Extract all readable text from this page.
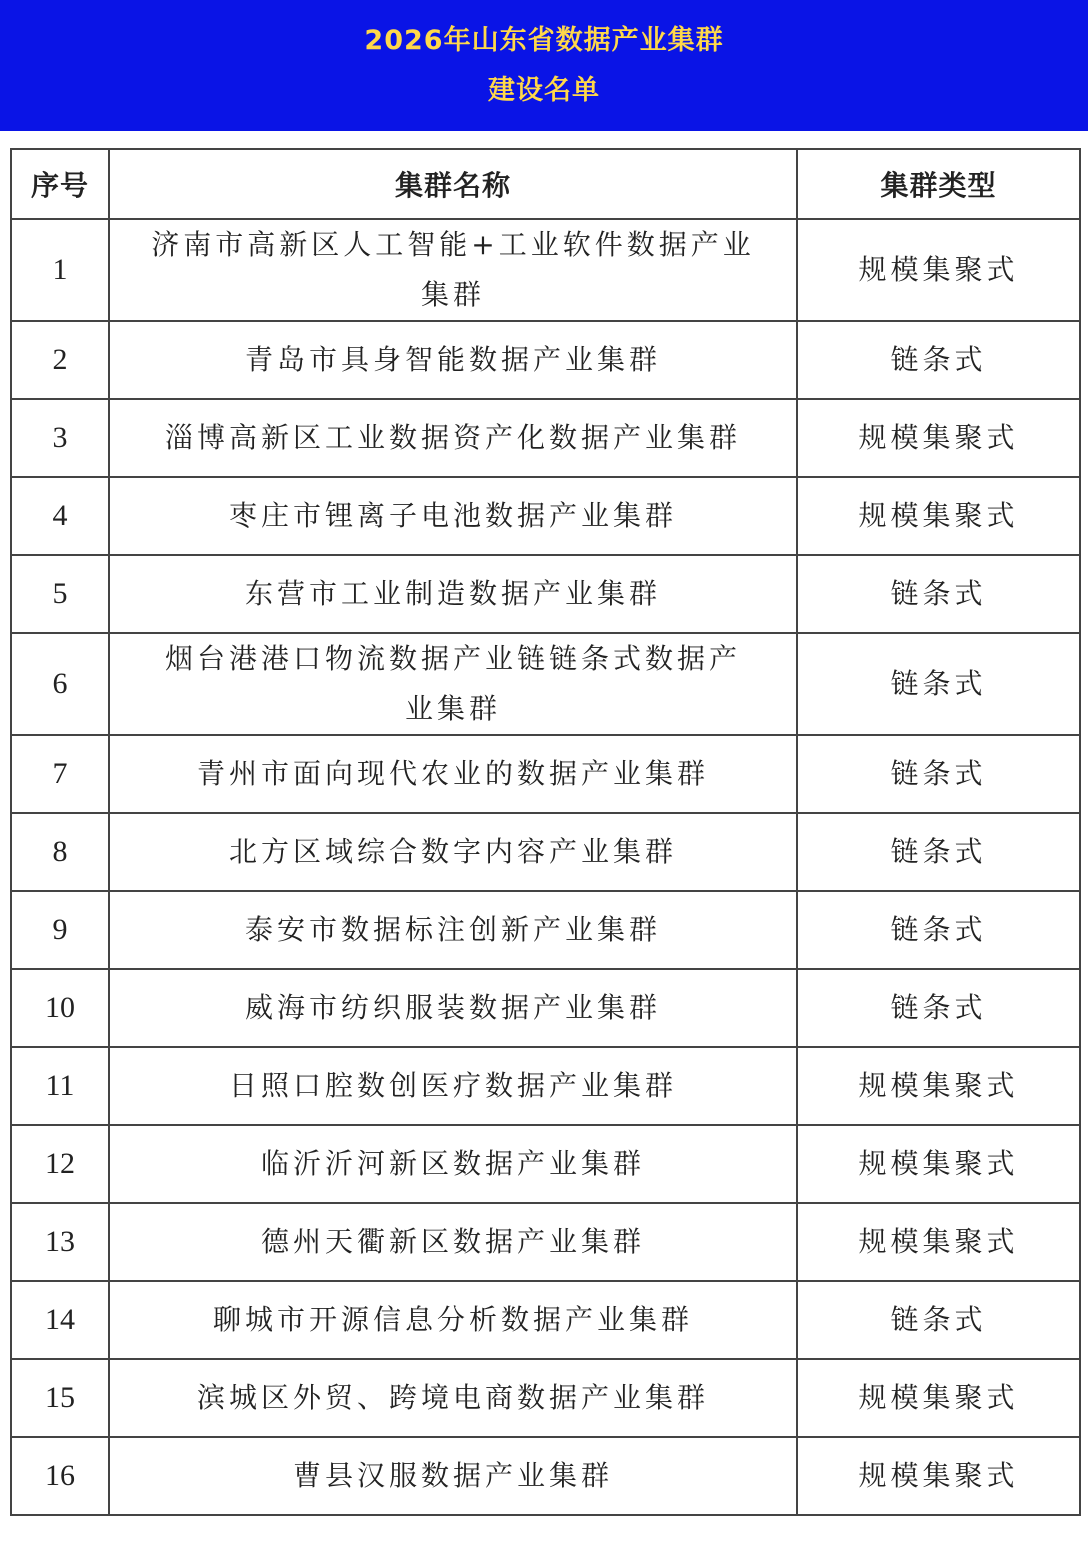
2026年山东省数据产业集群
建设名单
序号	集群名称	集群类型
1	济南市高新区人工智能+工业软件数据产业集群	规模集聚式
2	青岛市具身智能数据产业集群	链条式
3	淄博高新区工业数据资产化数据产业集群	规模集聚式
4	枣庄市锂离子电池数据产业集群	规模集聚式
5	东营市工业制造数据产业集群	链条式
6	烟台港港口物流数据产业链链条式数据产业集群	链条式
7	青州市面向现代农业的数据产业集群	链条式
8	北方区域综合数字内容产业集群	链条式
9	泰安市数据标注创新产业集群	链条式
10	威海市纺织服装数据产业集群	链条式
11	日照口腔数创医疗数据产业集群	规模集聚式
12	临沂沂河新区数据产业集群	规模集聚式
13	德州天衢新区数据产业集群	规模集聚式
14	聊城市开源信息分析数据产业集群	链条式
15	滨城区外贸、跨境电商数据产业集群	规模集聚式
16	曹县汉服数据产业集群	规模集聚式
